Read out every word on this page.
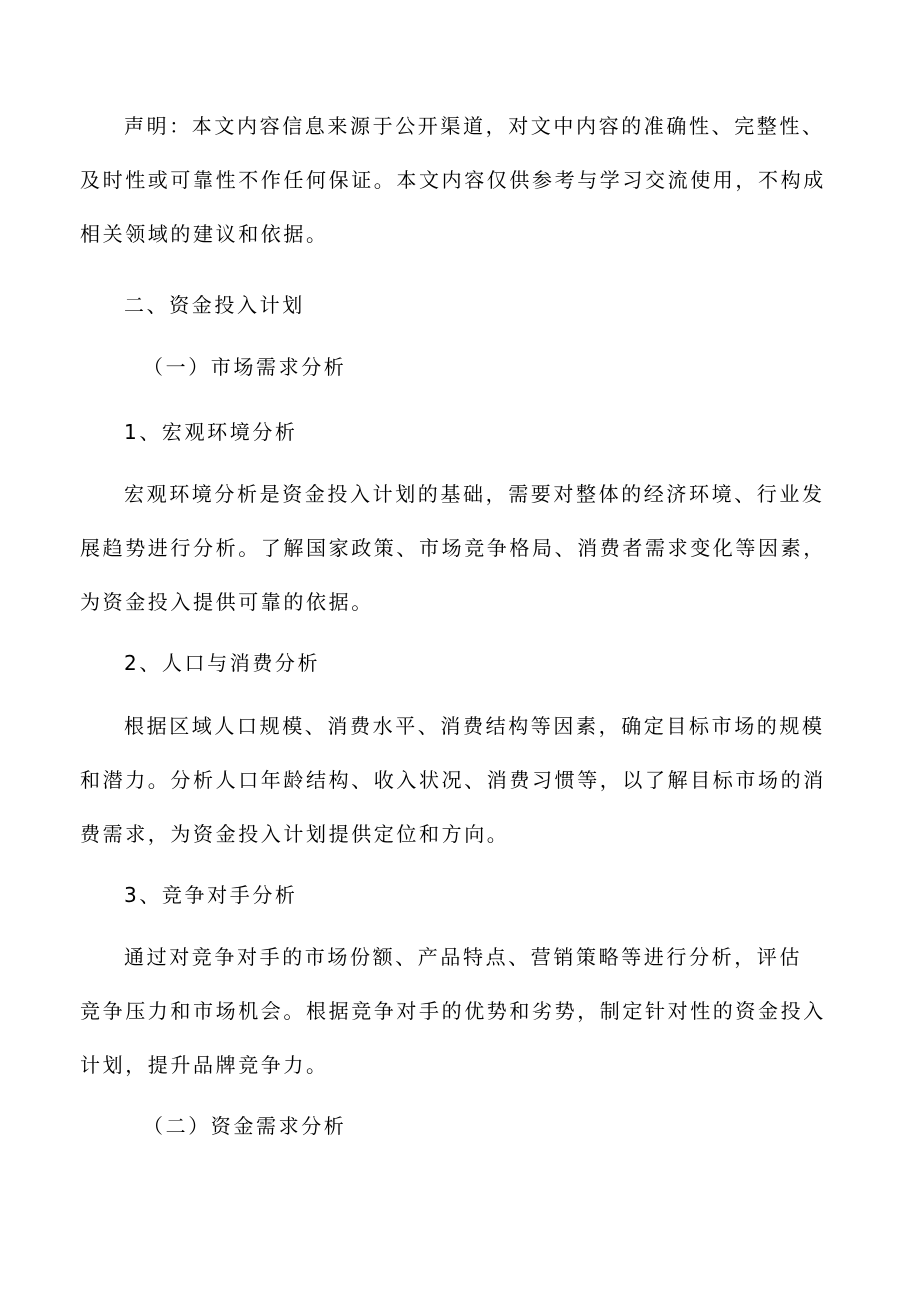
声明：本文内容信息来源于公开渠道，对文中内容的准确性、完整性、
及时性或可靠性不作任何保证。本文内容仅供参考与学习交流使用，不构成
相关领域的建议和依据。
二、资金投入计划
（一）市场需求分析
1、宏观环境分析
宏观环境分析是资金投入计划的基础，需要对整体的经济环境、行业发
展趋势进行分析。了解国家政策、市场竞争格局、消费者需求变化等因素，
为资金投入提供可靠的依据。
2、人口与消费分析
根据区域人口规模、消费水平、消费结构等因素，确定目标市场的规模
和潜力。分析人口年龄结构、收入状况、消费习惯等，以了解目标市场的消
费需求，为资金投入计划提供定位和方向。
3、竞争对手分析
通过对竞争对手的市场份额、产品特点、营销策略等进行分析，评估
竞争压力和市场机会。根据竞争对手的优势和劣势，制定针对性的资金投入
计划，提升品牌竞争力。
（二）资金需求分析
